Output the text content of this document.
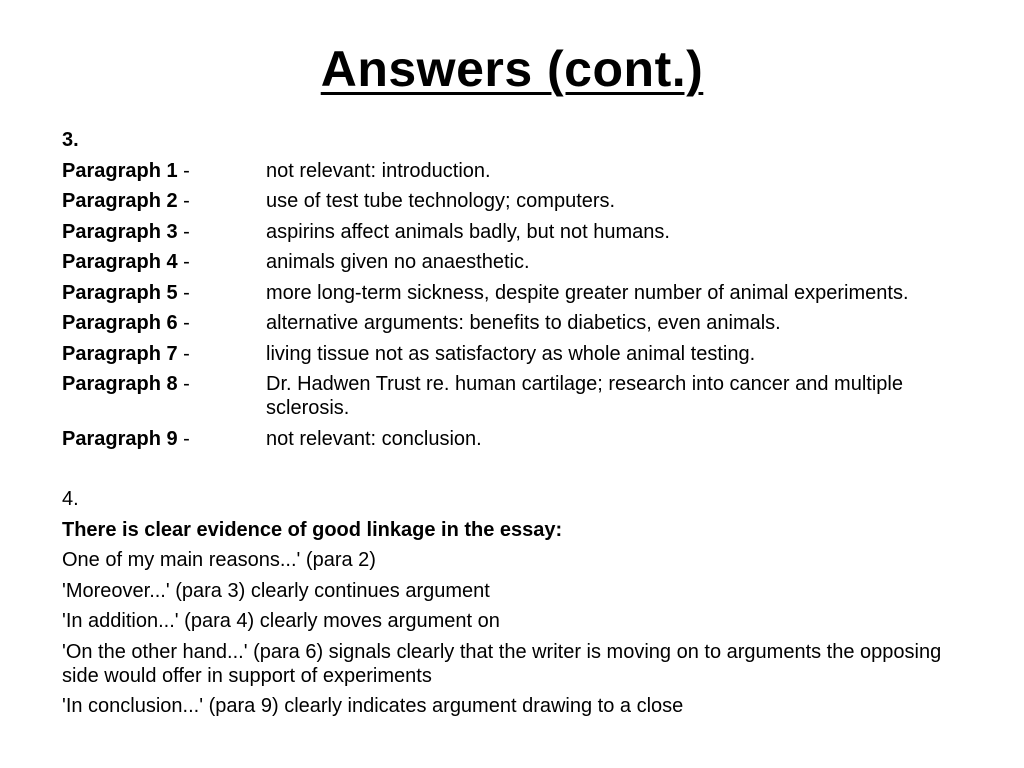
Answers (cont.)
3.
Paragraph 1 -	not relevant: introduction.
Paragraph 2 -	use of test tube technology; computers.
Paragraph 3 -	aspirins affect animals badly, but not humans.
Paragraph 4 -	animals given no anaesthetic.
Paragraph 5 -	more long-term sickness, despite greater number of animal experiments.
Paragraph 6 -	alternative arguments: benefits to diabetics, even animals.
Paragraph 7 -	living tissue not as satisfactory as whole animal testing.
Paragraph 8 -	Dr. Hadwen Trust re. human cartilage; research into cancer and multiple sclerosis.
Paragraph 9 -	not relevant: conclusion.
4.
There is clear evidence of good linkage in the essay:
One of my main reasons...' (para 2)
'Moreover...' (para 3) clearly continues argument
'In addition...' (para 4) clearly moves argument on
'On the other hand...' (para 6) signals clearly that the writer is moving on to arguments the opposing side would offer in support of experiments
'In conclusion...' (para 9) clearly indicates argument drawing to a close
